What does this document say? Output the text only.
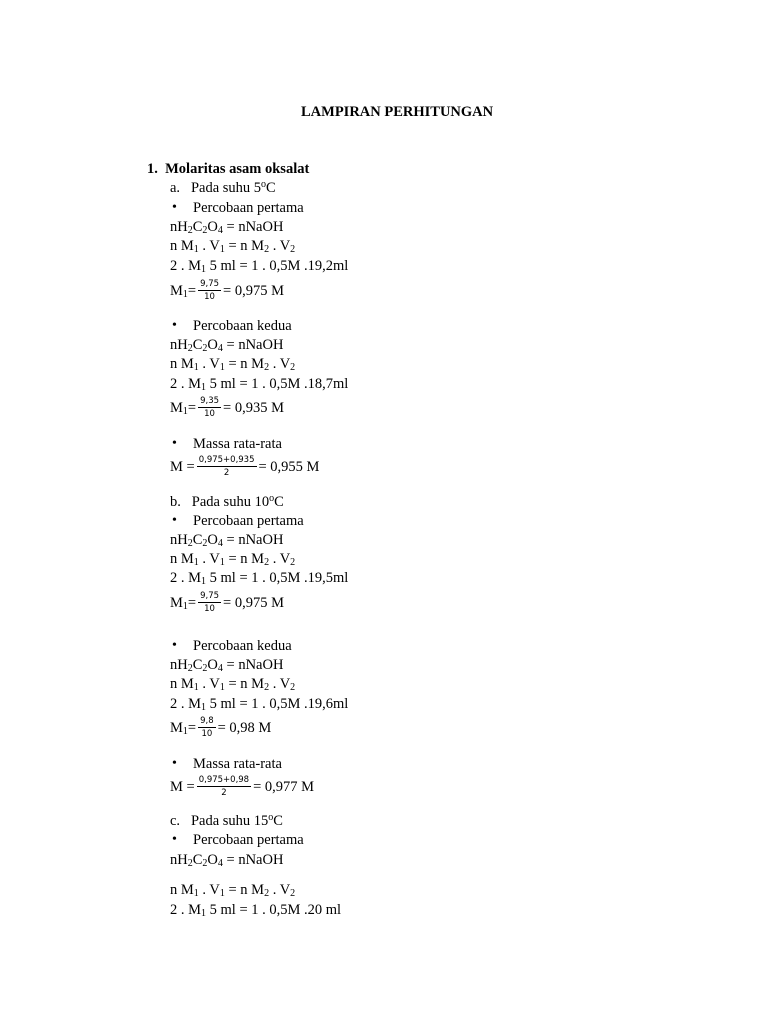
LAMPIRAN PERHITUNGAN
1. Molaritas asam oksalat
a. Pada suhu 5$^o$C
• Percobaan pertama
$nH_2C_2O_4$ = nNaOH
n $M_1$ . $V_1 = n$ $M_2$ . $V_2$
2 . $M_1$ 5 ml = 1 . 0,5M .19,2ml
$M_1= \frac{9,75}{10} = 0,975$ M
• Percobaan kedua
$nH_2C_2O_4$ = nNaOH
n $M_1$ . $V_1 = n$ $M_2$ . $V_2$
2 . $M_1$ 5 ml = 1 . 0,5M .18,7ml
$M_1= \frac{9,35}{10} = 0,935$ M
• Massa rata-rata
$M = \frac{0,975+0,935}{2} = 0,955$ M
b. Pada suhu 10$^o$C
• Percobaan pertama
$nH_2C_2O_4$ = nNaOH
n $M_1$ . $V_1 = n$ $M_2$ . $V_2$
2 . $M_1$ 5 ml = 1 . 0,5M .19,5ml
$M_1= \frac{9,75}{10} = 0,975$ M
• Percobaan kedua
$nH_2C_2O_4$ = nNaOH
n $M_1$ . $V_1 = n$ $M_2$ . $V_2$
2 . $M_1$ 5 ml = 1 . 0,5M .19,6ml
$M_1= \frac{9,8}{10} = 0,98$ M
• Massa rata-rata
$M = \frac{0,975+0,98}{2} = 0,977$ M
c. Pada suhu 15$^o$C
• Percobaan pertama
$nH_2C_2O_4$ = nNaOH
n $M_1$ . $V_1 = n$ $M_2$ . $V_2$
2 . $M_1$ 5 ml = 1 . 0,5M .20 ml
